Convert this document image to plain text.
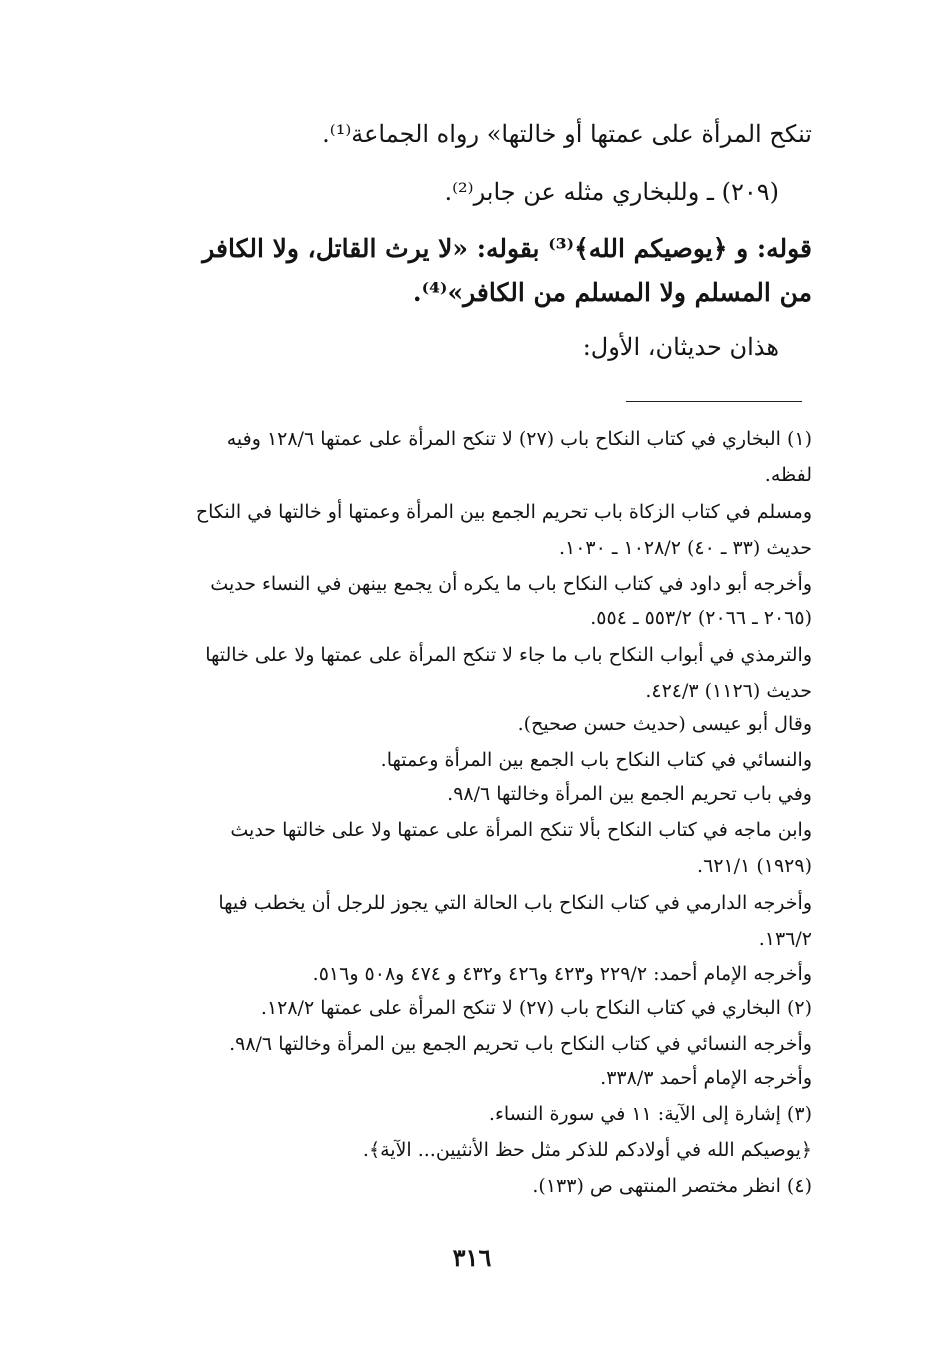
تنكح المرأة على عمتها أو خالتها» رواه الجماعة⁽¹⁾.
(٢٠٩) ـ وللبخاري مثله عن جابر⁽²⁾.
قوله: و ﴿يوصيكم الله﴾⁽³⁾ بقوله: «لا يرث القاتل، ولا الكافر
من المسلم ولا المسلم من الكافر»⁽⁴⁾.
هذان حديثان، الأول:
(١) البخاري في كتاب النكاح باب (٢٧) لا تنكح المرأة على عمتها ١٢٨/٦ وفيه
لفظه.
ومسلم في كتاب الزكاة باب تحريم الجمع بين المرأة وعمتها أو خالتها في النكاح
حديث (٣٣ ـ ٤٠) ١٠٢٨/٢ ـ ١٠٣٠.
وأخرجه أبو داود في كتاب النكاح باب ما يكره أن يجمع بينهن في النساء حديث
(٢٠٦٥ ـ ٢٠٦٦) ٥٥٣/٢ ـ ٥٥٤.
والترمذي في أبواب النكاح باب ما جاء لا تنكح المرأة على عمتها ولا على خالتها
حديث (١١٢٦) ٤٢٤/٣.
وقال أبو عيسى (حديث حسن صحيح).
والنسائي في كتاب النكاح باب الجمع بين المرأة وعمتها.
وفي باب تحريم الجمع بين المرأة وخالتها ٩٨/٦.
وابن ماجه في كتاب النكاح بألا تنكح المرأة على عمتها ولا على خالتها حديث
(١٩٢٩) ٦٢١/١.
وأخرجه الدارمي في كتاب النكاح باب الحالة التي يجوز للرجل أن يخطب فيها
١٣٦/٢.
وأخرجه الإمام أحمد: ٢٢٩/٢ و٤٢٣ و٤٢٦ و٤٣٢ و ٤٧٤ و٥٠٨ و٥١٦.
(٢) البخاري في كتاب النكاح باب (٢٧) لا تنكح المرأة على عمتها ١٢٨/٢.
وأخرجه النسائي في كتاب النكاح باب تحريم الجمع بين المرأة وخالتها ٩٨/٦.
وأخرجه الإمام أحمد ٣٣٨/٣.
(٣) إشارة إلى الآية: ١١ في سورة النساء.
﴿يوصيكم الله في أولادكم للذكر مثل حظ الأنثيين... الآية﴾.
(٤) انظر مختصر المنتهى ص (١٣٣).
٣١٦
